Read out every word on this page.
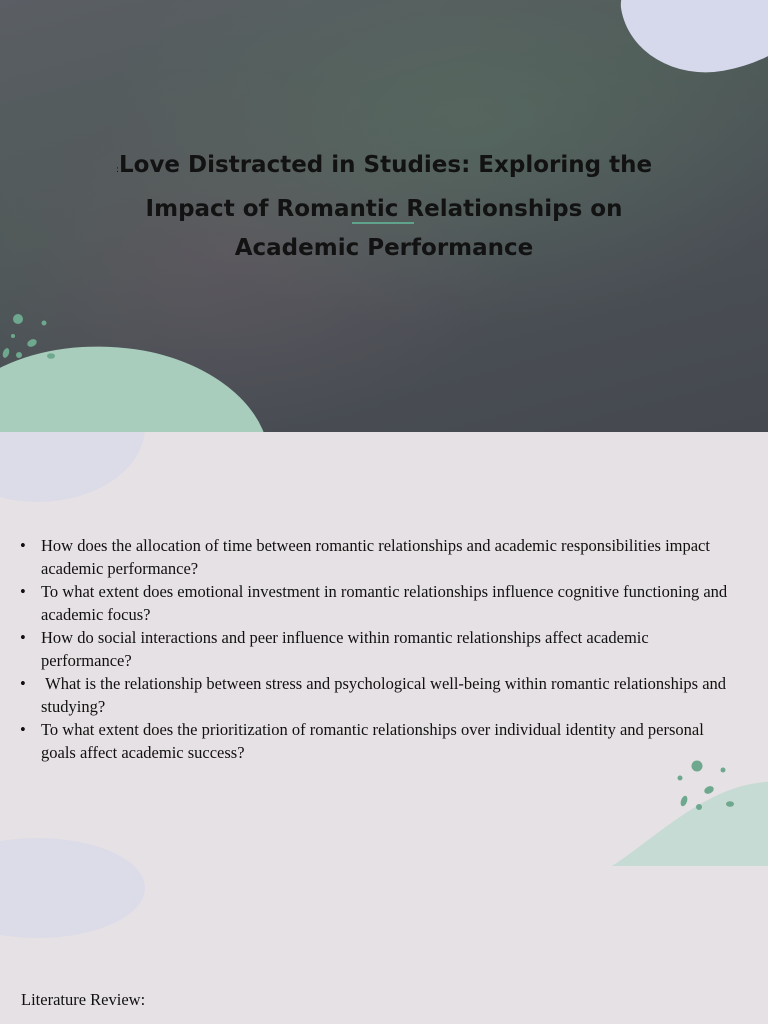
:Love Distracted in Studies: Exploring the
Impact of Romantic Relationships on
Academic Performance
• How does the allocation of time between romantic relationships and academic responsibilities impact academic performance?
• To what extent does emotional investment in romantic relationships influence cognitive functioning and academic focus?
• How do social interactions and peer influence within romantic relationships affect academic performance?
•  What is the relationship between stress and psychological well-being within romantic relationships and studying?
• To what extent does the prioritization of romantic relationships over individual identity and personal goals affect academic success?
Literature Review:
